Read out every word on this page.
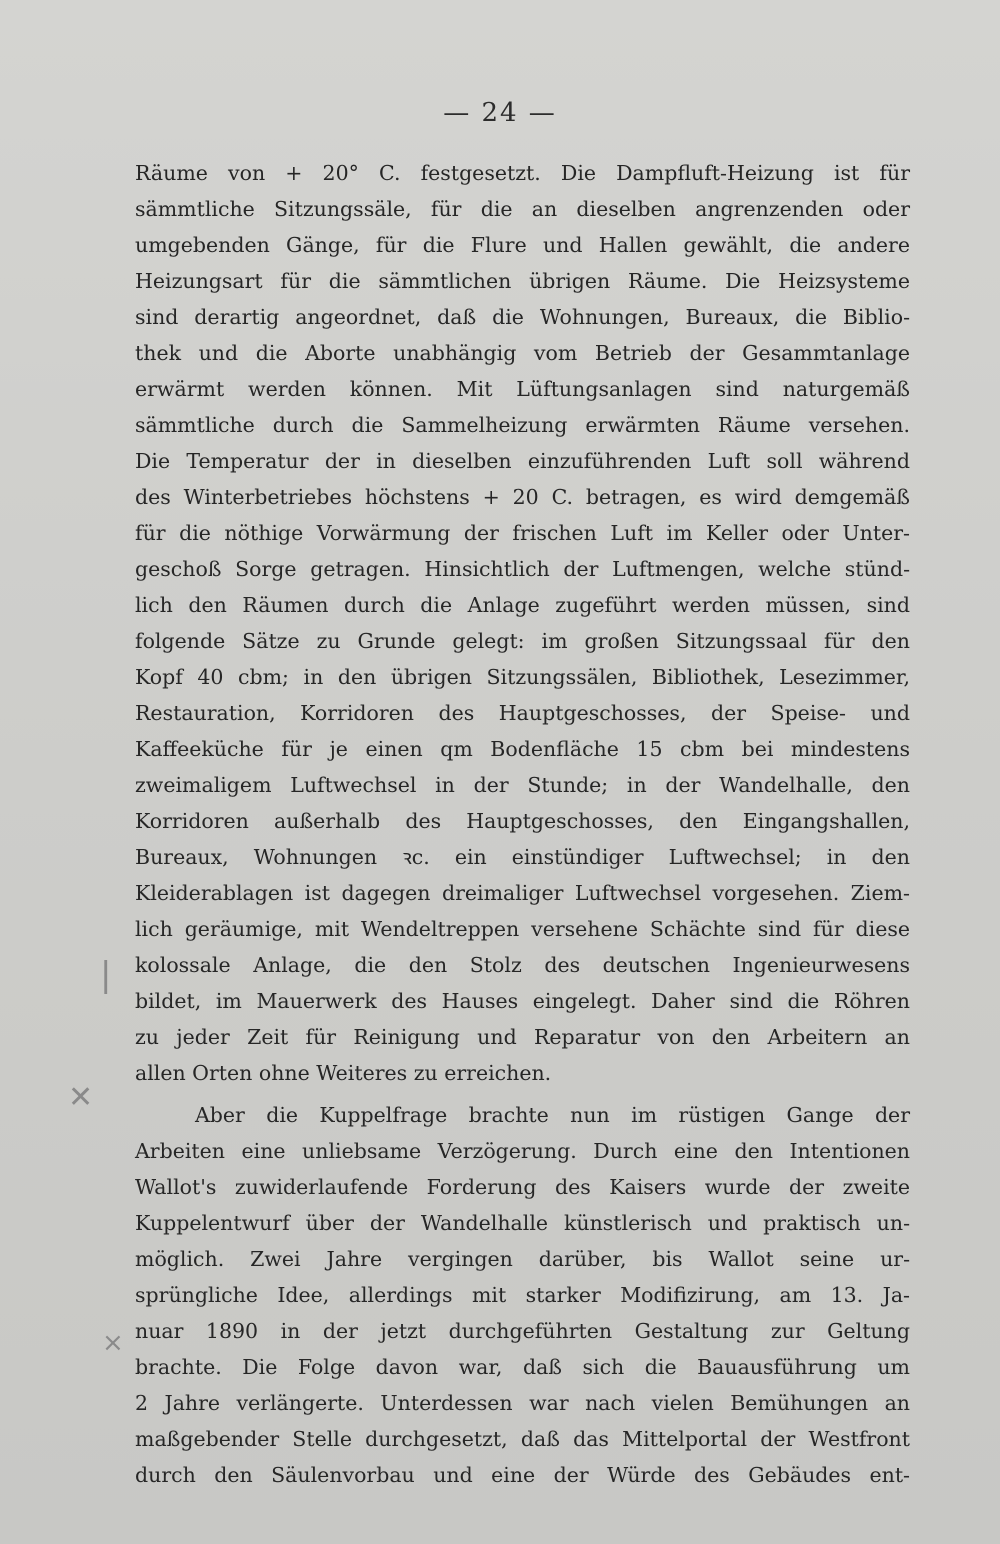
— 24 —
Räume von + 20° C. festgesetzt. Die Dampfluft-Heizung ist für
sämmtliche Sitzungssäle, für die an dieselben angrenzenden oder
umgebenden Gänge, für die Flure und Hallen gewählt, die andere
Heizungsart für die sämmtlichen übrigen Räume. Die Heizsysteme
sind derartig angeordnet, daß die Wohnungen, Bureaux, die Biblio-
thek und die Aborte unabhängig vom Betrieb der Gesammtanlage
erwärmt werden können. Mit Lüftungsanlagen sind naturgemäß
sämmtliche durch die Sammelheizung erwärmten Räume versehen.
Die Temperatur der in dieselben einzuführenden Luft soll während
des Winterbetriebes höchstens + 20 C. betragen, es wird demgemäß
für die nöthige Vorwärmung der frischen Luft im Keller oder Unter-
geschoß Sorge getragen. Hinsichtlich der Luftmengen, welche stünd-
lich den Räumen durch die Anlage zugeführt werden müssen, sind
folgende Sätze zu Grunde gelegt: im großen Sitzungssaal für den
Kopf 40 cbm; in den übrigen Sitzungssälen, Bibliothek, Lesezimmer,
Restauration, Korridoren des Hauptgeschosses, der Speise- und
Kaffeeküche für je einen qm Bodenfläche 15 cbm bei mindestens
zweimaligem Luftwechsel in der Stunde; in der Wandelhalle, den
Korridoren außerhalb des Hauptgeschosses, den Eingangshallen,
Bureaux, Wohnungen ꝛc. ein einstündiger Luftwechsel; in den
Kleiderablagen ist dagegen dreimaliger Luftwechsel vorgesehen. Ziem-
lich geräumige, mit Wendeltreppen versehene Schächte sind für diese
kolossale Anlage, die den Stolz des deutschen Ingenieurwesens
bildet, im Mauerwerk des Hauses eingelegt. Daher sind die Röhren
zu jeder Zeit für Reinigung und Reparatur von den Arbeitern an
allen Orten ohne Weiteres zu erreichen.
Aber die Kuppelfrage brachte nun im rüstigen Gange der
Arbeiten eine unliebsame Verzögerung. Durch eine den Intentionen
Wallot's zuwiderlaufende Forderung des Kaisers wurde der zweite
Kuppelentwurf über der Wandelhalle künstlerisch und praktisch un-
möglich. Zwei Jahre vergingen darüber, bis Wallot seine ur-
sprüngliche Idee, allerdings mit starker Modifizirung, am 13. Ja-
nuar 1890 in der jetzt durchgeführten Gestaltung zur Geltung
brachte. Die Folge davon war, daß sich die Bauausführung um
2 Jahre verlängerte. Unterdessen war nach vielen Bemühungen an
maßgebender Stelle durchgesetzt, daß das Mittelportal der Westfront
durch den Säulenvorbau und eine der Würde des Gebäudes ent-
|
✕
×
